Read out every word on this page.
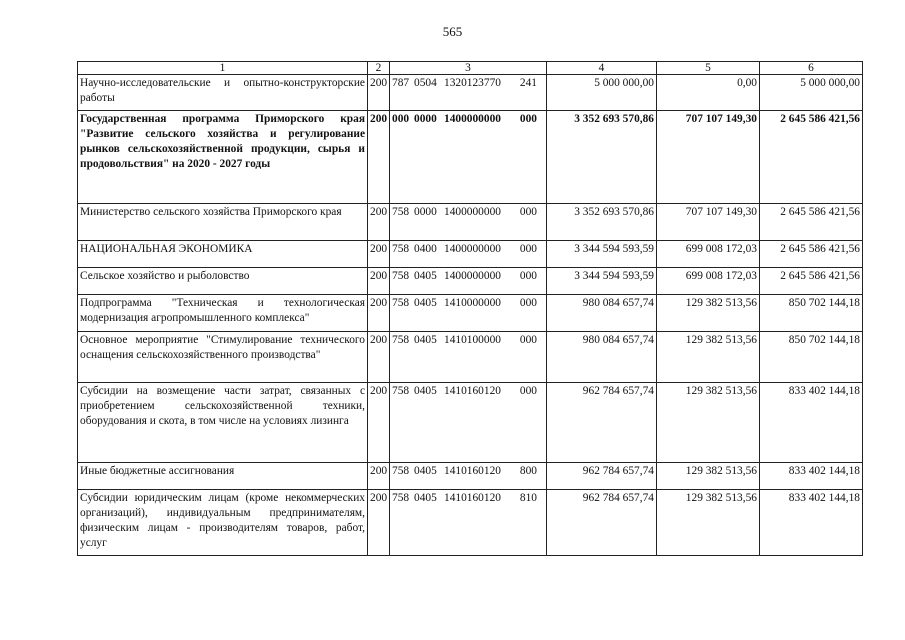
565
1	2	3	4	5	6
Научно-исследовательские и опытно-конструкторские работы	200	787 0504 1320123770 241	5 000 000,00	0,00	5 000 000,00
Государственная программа Приморского края "Развитие сельского хозяйства и регулирование рынков сельскохозяйственной продукции, сырья и продовольствия" на 2020 - 2027 годы	200	000 0000 1400000000 000	3 352 693 570,86	707 107 149,30	2 645 586 421,56
Министерство сельского хозяйства Приморского края	200	758 0000 1400000000 000	3 352 693 570,86	707 107 149,30	2 645 586 421,56
НАЦИОНАЛЬНАЯ ЭКОНОМИКА	200	758 0400 1400000000 000	3 344 594 593,59	699 008 172,03	2 645 586 421,56
Сельское хозяйство и рыболовство	200	758 0405 1400000000 000	3 344 594 593,59	699 008 172,03	2 645 586 421,56
Подпрограмма "Техническая и технологическая модернизация агропромышленного комплекса"	200	758 0405 1410000000 000	980 084 657,74	129 382 513,56	850 702 144,18
Основное мероприятие "Стимулирование технического оснащения сельскохозяйственного производства"	200	758 0405 1410100000 000	980 084 657,74	129 382 513,56	850 702 144,18
Субсидии на возмещение части затрат, связанных с приобретением сельскохозяйственной техники, оборудования и скота, в том числе на условиях лизинга	200	758 0405 1410160120 000	962 784 657,74	129 382 513,56	833 402 144,18
Иные бюджетные ассигнования	200	758 0405 1410160120 800	962 784 657,74	129 382 513,56	833 402 144,18
Субсидии юридическим лицам (кроме некоммерческих организаций), индивидуальным предпринимателям, физическим лицам - производителям товаров, работ, услуг	200	758 0405 1410160120 810	962 784 657,74	129 382 513,56	833 402 144,18
